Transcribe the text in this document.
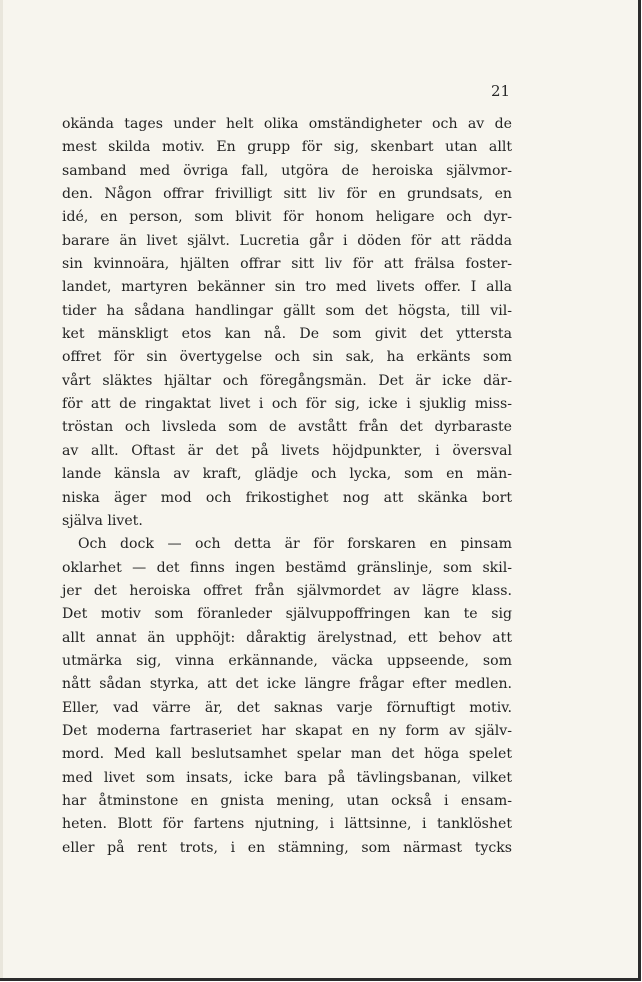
21
okända tages under helt olika omständigheter och av de
mest skilda motiv. En grupp för sig, skenbart utan allt
samband med övriga fall, utgöra de heroiska självmor-
den. Någon offrar frivilligt sitt liv för en grundsats, en
idé, en person, som blivit för honom heligare och dyr-
barare än livet självt. Lucretia går i döden för att rädda
sin kvinnoära, hjälten offrar sitt liv för att frälsa foster-
landet, martyren bekänner sin tro med livets offer. I alla
tider ha sådana handlingar gällt som det högsta, till vil-
ket mänskligt etos kan nå. De som givit det yttersta
offret för sin övertygelse och sin sak, ha erkänts som
vårt släktes hjältar och föregångsmän. Det är icke där-
för att de ringaktat livet i och för sig, icke i sjuklig miss-
tröstan och livsleda som de avstått från det dyrbaraste
av allt. Oftast är det på livets höjdpunkter, i översval
lande känsla av kraft, glädje och lycka, som en män-
niska äger mod och frikostighet nog att skänka bort
själva livet.
Och dock — och detta är för forskaren en pinsam
oklarhet — det finns ingen bestämd gränslinje, som skil-
jer det heroiska offret från självmordet av lägre klass.
Det motiv som föranleder självuppoffringen kan te sig
allt annat än upphöjt: dåraktig ärelystnad, ett behov att
utmärka sig, vinna erkännande, väcka uppseende, som
nått sådan styrka, att det icke längre frågar efter medlen.
Eller, vad värre är, det saknas varje förnuftigt motiv.
Det moderna fartraseriet har skapat en ny form av själv-
mord. Med kall beslutsamhet spelar man det höga spelet
med livet som insats, icke bara på tävlingsbanan, vilket
har åtminstone en gnista mening, utan också i ensam-
heten. Blott för fartens njutning, i lättsinne, i tanklöshet
eller på rent trots, i en stämning, som närmast tycks
